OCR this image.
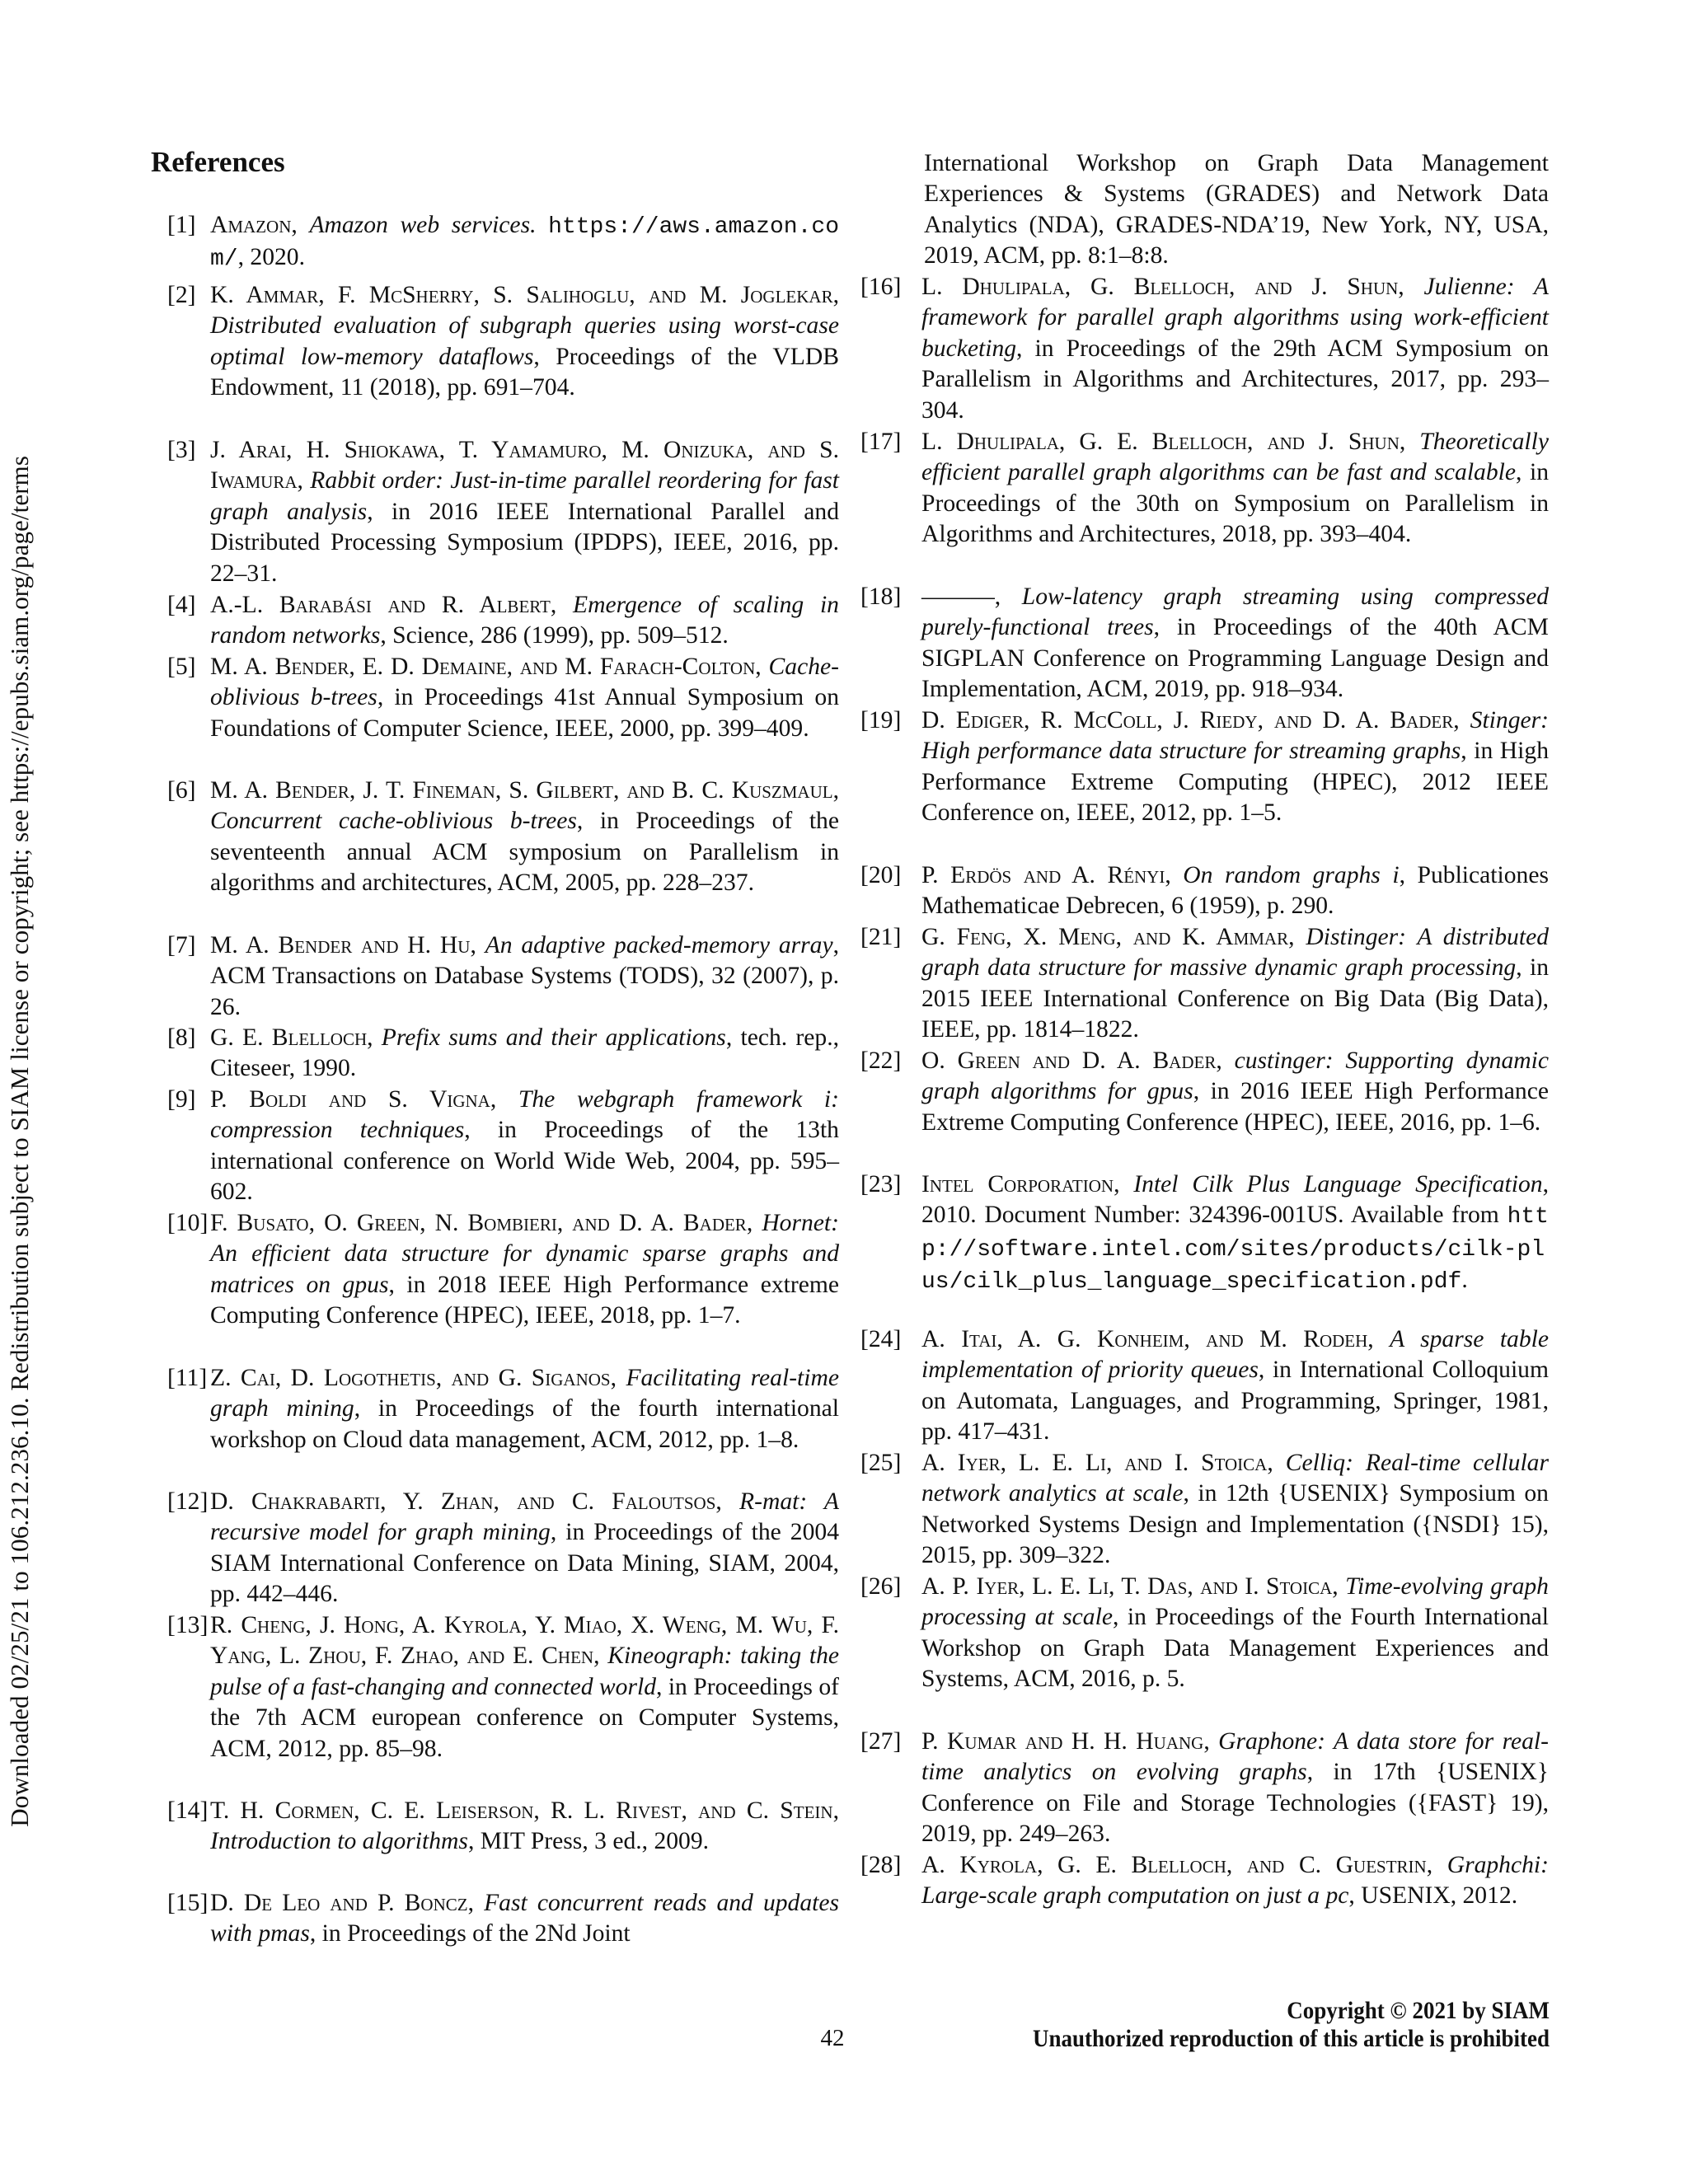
Downloaded 02/25/21 to 106.212.236.10. Redistribution subject to SIAM license or copyright; see https://epubs.siam.org/page/terms
References
[1] Amazon, Amazon web services. https://aws.amazon.com/, 2020.
[2] K. Ammar, F. McSherry, S. Salihoglu, and M. Joglekar, Distributed evaluation of subgraph queries using worst-case optimal low-memory dataflows, Proceedings of the VLDB Endowment, 11 (2018), pp. 691–704.
[3] J. Arai, H. Shiokawa, T. Yamamuro, M. Onizuka, and S. Iwamura, Rabbit order: Just-in-time parallel reordering for fast graph analysis, in 2016 IEEE International Parallel and Distributed Processing Symposium (IPDPS), IEEE, 2016, pp. 22–31.
[4] A.-L. Barabási and R. Albert, Emergence of scaling in random networks, Science, 286 (1999), pp. 509–512.
[5] M. A. Bender, E. D. Demaine, and M. Farach-Colton, Cache-oblivious b-trees, in Proceedings 41st Annual Symposium on Foundations of Computer Science, IEEE, 2000, pp. 399–409.
[6] M. A. Bender, J. T. Fineman, S. Gilbert, and B. C. Kuszmaul, Concurrent cache-oblivious b-trees, in Proceedings of the seventeenth annual ACM symposium on Parallelism in algorithms and architectures, ACM, 2005, pp. 228–237.
[7] M. A. Bender and H. Hu, An adaptive packed-memory array, ACM Transactions on Database Systems (TODS), 32 (2007), p. 26.
[8] G. E. Blelloch, Prefix sums and their applications, tech. rep., Citeseer, 1990.
[9] P. Boldi and S. Vigna, The webgraph framework i: compression techniques, in Proceedings of the 13th international conference on World Wide Web, 2004, pp. 595–602.
[10] F. Busato, O. Green, N. Bombieri, and D. A. Bader, Hornet: An efficient data structure for dynamic sparse graphs and matrices on gpus, in 2018 IEEE High Performance extreme Computing Conference (HPEC), IEEE, 2018, pp. 1–7.
[11] Z. Cai, D. Logothetis, and G. Siganos, Facilitating real-time graph mining, in Proceedings of the fourth international workshop on Cloud data management, ACM, 2012, pp. 1–8.
[12] D. Chakrabarti, Y. Zhan, and C. Faloutsos, R-mat: A recursive model for graph mining, in Proceedings of the 2004 SIAM International Conference on Data Mining, SIAM, 2004, pp. 442–446.
[13] R. Cheng, J. Hong, A. Kyrola, Y. Miao, X. Weng, M. Wu, F. Yang, L. Zhou, F. Zhao, and E. Chen, Kineograph: taking the pulse of a fast-changing and connected world, in Proceedings of the 7th ACM european conference on Computer Systems, ACM, 2012, pp. 85–98.
[14] T. H. Cormen, C. E. Leiserson, R. L. Rivest, and C. Stein, Introduction to algorithms, MIT Press, 3 ed., 2009.
[15] D. De Leo and P. Boncz, Fast concurrent reads and updates with pmas, in Proceedings of the 2Nd Joint

International Workshop on Graph Data Management Experiences & Systems (GRADES) and Network Data Analytics (NDA), GRADES-NDA’19, New York, NY, USA, 2019, ACM, pp. 8:1–8:8.

[16] L. Dhulipala, G. Blelloch, and J. Shun, Julienne: A framework for parallel graph algorithms using work-efficient bucketing, in Proceedings of the 29th ACM Symposium on Parallelism in Algorithms and Architectures, 2017, pp. 293–304.
[17] L. Dhulipala, G. E. Blelloch, and J. Shun, Theoretically efficient parallel graph algorithms can be fast and scalable, in Proceedings of the 30th on Symposium on Parallelism in Algorithms and Architectures, 2018, pp. 393–404.
[18] ———, Low-latency graph streaming using compressed purely-functional trees, in Proceedings of the 40th ACM SIGPLAN Conference on Programming Language Design and Implementation, ACM, 2019, pp. 918–934.
[19] D. Ediger, R. McColl, J. Riedy, and D. A. Bader, Stinger: High performance data structure for streaming graphs, in High Performance Extreme Computing (HPEC), 2012 IEEE Conference on, IEEE, 2012, pp. 1–5.
[20] P. Erdös and A. Rényi, On random graphs i, Publicationes Mathematicae Debrecen, 6 (1959), p. 290.
[21] G. Feng, X. Meng, and K. Ammar, Distinger: A distributed graph data structure for massive dynamic graph processing, in 2015 IEEE International Conference on Big Data (Big Data), IEEE, pp. 1814–1822.
[22] O. Green and D. A. Bader, custinger: Supporting dynamic graph algorithms for gpus, in 2016 IEEE High Performance Extreme Computing Conference (HPEC), IEEE, 2016, pp. 1–6.
[23] Intel Corporation, Intel Cilk Plus Language Specification, 2010. Document Number: 324396-001US. Available from http://software.intel.com/sites/products/cilk-plus/cilk_plus_language_specification.pdf.
[24] A. Itai, A. G. Konheim, and M. Rodeh, A sparse table implementation of priority queues, in International Colloquium on Automata, Languages, and Programming, Springer, 1981, pp. 417–431.
[25] A. Iyer, L. E. Li, and I. Stoica, Celliq: Real-time cellular network analytics at scale, in 12th {USENIX} Symposium on Networked Systems Design and Implementation ({NSDI} 15), 2015, pp. 309–322.
[26] A. P. Iyer, L. E. Li, T. Das, and I. Stoica, Time-evolving graph processing at scale, in Proceedings of the Fourth International Workshop on Graph Data Management Experiences and Systems, ACM, 2016, p. 5.
[27] P. Kumar and H. H. Huang, Graphone: A data store for real-time analytics on evolving graphs, in 17th {USENIX} Conference on File and Storage Technologies ({FAST} 19), 2019, pp. 249–263.
[28] A. Kyrola, G. E. Blelloch, and C. Guestrin, Graphchi: Large-scale graph computation on just a pc, USENIX, 2012.
42
Copyright © 2021 by SIAM
Unauthorized reproduction of this article is prohibited
